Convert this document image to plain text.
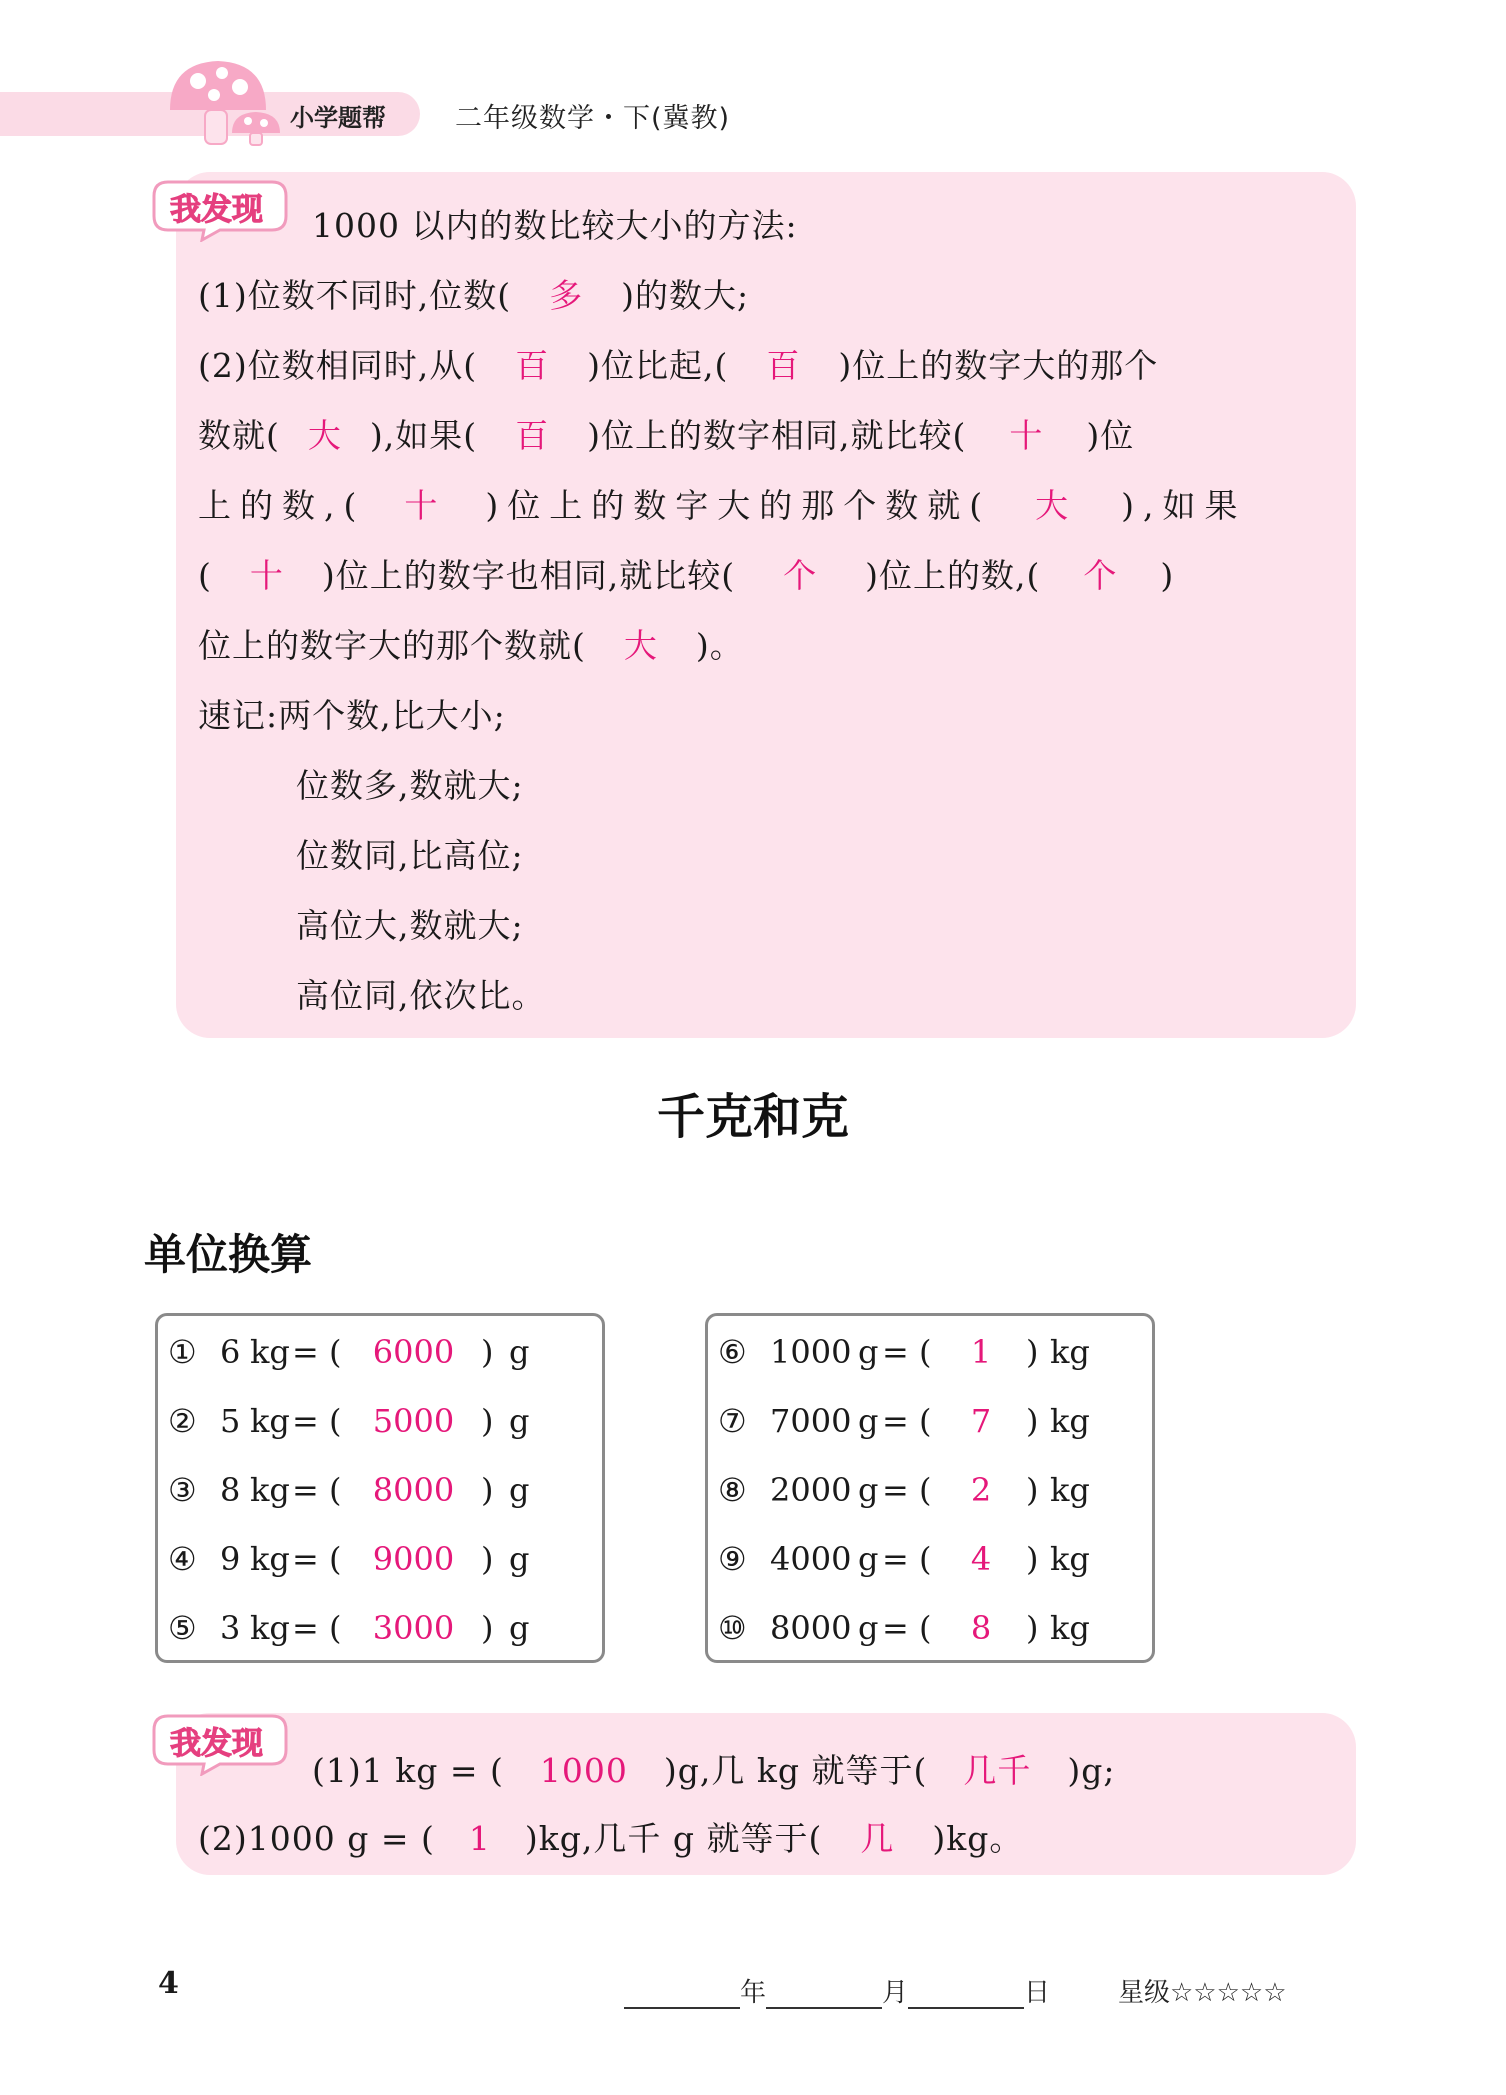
小学题帮	二年级数学・下(冀教)
我发现 1000 以内的数比较大小的方法:
(1)位数不同时,位数( 多 )的数大;
(2)位数相同时,从( 百 )位比起,( 百 )位上的数字大的那个
数就( 大 ),如果( 百 )位上的数字相同,就比较( 十 )位
上的数,( 十 )位上的数字大的那个数就( 大 ),如果
( 十 )位上的数字也相同,就比较( 个 )位上的数,( 个 )
位上的数字大的那个数就( 大 )。
速记:两个数,比大小;
位数多,数就大;
位数同,比高位;
高位大,数就大;
高位同,依次比。
千克和克
单位换算
① 6 kg= ( 6000 ) g
② 5 kg= ( 5000 ) g
③ 8 kg= ( 8000 ) g
④ 9 kg= ( 9000 ) g
⑤ 3 kg= ( 3000 ) g
⑥ 1000 g = ( 1 ) kg
⑦ 7000 g = ( 7 ) kg
⑧ 2000 g = ( 2 ) kg
⑨ 4000 g = ( 4 ) kg
⑩ 8000 g = ( 8 ) kg
我发现
(1)1 kg = ( 1000 )g,几 kg 就等于( 几千 )g;
(2)1000 g = ( 1 )kg,几千 g 就等于( 几 )kg。
4	年	月	日	星级☆☆☆☆☆
